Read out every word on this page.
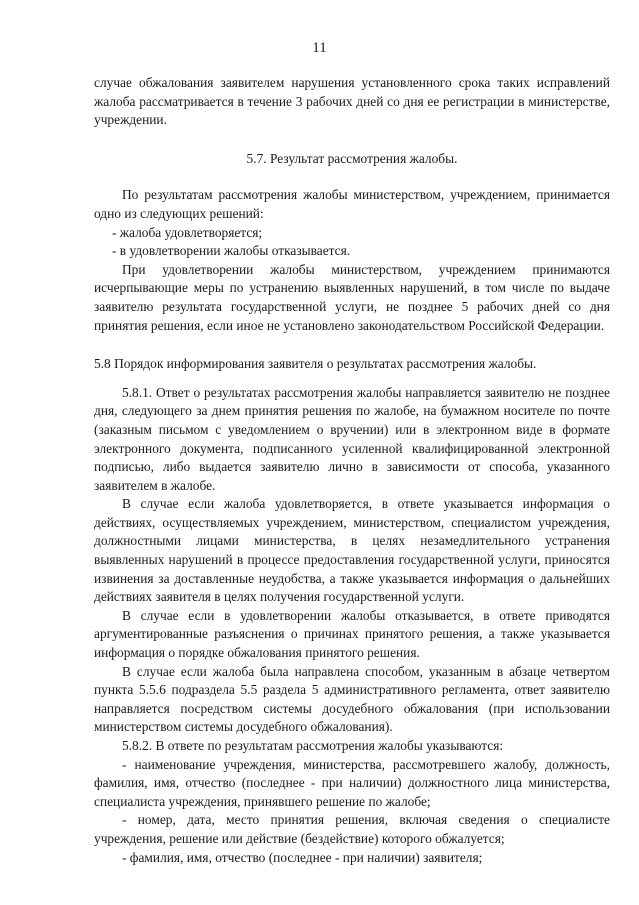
11

случае обжалования заявителем нарушения установленного срока таких исправлений жалоба рассматривается в течение 3 рабочих дней со дня ее регистрации в министерстве, учреждении.

5.7. Результат рассмотрения жалобы.

По результатам рассмотрения жалобы министерством, учреждением, принимается одно из следующих решений:

- жалоба удовлетворяется;

- в удовлетворении жалобы отказывается.

При удовлетворении жалобы министерством, учреждением принимаются исчерпывающие меры по устранению выявленных нарушений, в том числе по выдаче заявителю результата государственной услуги, не позднее 5 рабочих дней со дня принятия решения, если иное не установлено законодательством Российской Федерации.

5.8 Порядок информирования заявителя о результатах рассмотрения жалобы.

5.8.1. Ответ о результатах рассмотрения жалобы направляется заявителю не позднее дня, следующего за днем принятия решения по жалобе, на бумажном носителе по почте (заказным письмом с уведомлением о вручении) или в электронном виде в формате электронного документа, подписанного усиленной квалифицированной электронной подписью, либо выдается заявителю лично в зависимости от способа, указанного заявителем в жалобе.

В случае если жалоба удовлетворяется, в ответе указывается информация о действиях, осуществляемых учреждением, министерством, специалистом учреждения, должностными лицами министерства, в целях незамедлительного устранения выявленных нарушений в процессе предоставления государственной услуги, приносятся извинения за доставленные неудобства, а также указывается информация о дальнейших действиях заявителя в целях получения государственной услуги.

В случае если в удовлетворении жалобы отказывается, в ответе приводятся аргументированные разъяснения о причинах принятого решения, а также указывается информация о порядке обжалования принятого решения.

В случае если жалоба была направлена способом, указанным в абзаце четвертом пункта 5.5.6 подраздела 5.5 раздела 5 административного регламента, ответ заявителю направляется посредством системы досудебного обжалования (при использовании министерством системы досудебного обжалования).

5.8.2. В ответе по результатам рассмотрения жалобы указываются:

- наименование учреждения, министерства, рассмотревшего жалобу, должность, фамилия, имя, отчество (последнее - при наличии) должностного лица министерства, специалиста учреждения, принявшего решение по жалобе;

- номер, дата, место принятия решения, включая сведения о специалисте учреждения, решение или действие (бездействие) которого обжалуется;

- фамилия, имя, отчество (последнее - при наличии) заявителя;
